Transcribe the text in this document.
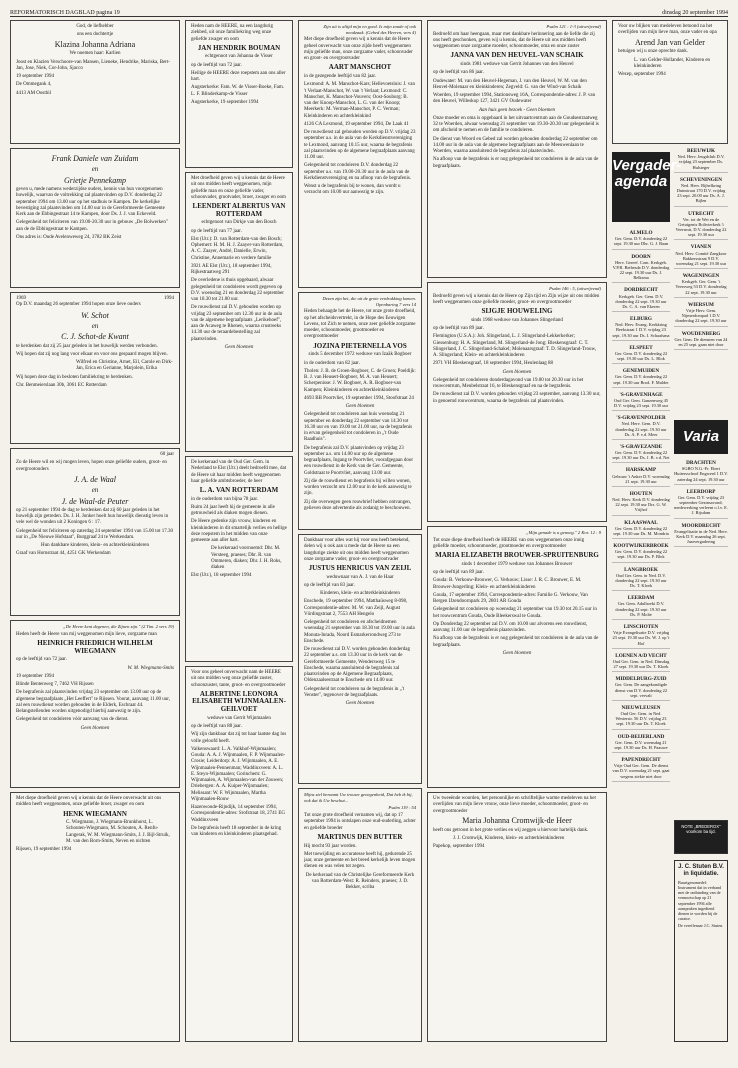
REFORMATORISCH DAGBLAD pagina 19	dinsdag 20 september 1994

God, de liefhebber

ons een dochtertje

Klazina Johanna Adriana

We noemen haar: Karlien

Joost en Klazien Verschoore-van Mansen, Lieneke, Hendrike, Mariska, Bert-Jan, Jose, Niek, Cor-John, Sjacco

19 september 1994

De Ommegank 4,

4413 AM Oosthil

Frank Daniele van Zuidam
en
Grietje Pennekamp

geven u, mede namens wederzijdse ouders, kennis van hun voorgenomen huwelijk, waarvan de voltrekking zal plaatsvinden op D.V. donderdag 22 september 1994 om 13.00 uur op het stadhuis te Kampen. De kerkelijke bevestiging zal plaatsvinden om 14.00 uur in de Gereformeerde Gemeente Kerk aan de Ebbingestraat 14 te Kampen, door Ds. J. J. van Eckeveld.

Gelegenheid tot feliciteren van 19.00-20.30 uur in gebouw „De Bolwerken" aan de de Ebbingestraat te Kampen.

Ons adres is: Oude Avelenweweg 24, 3782 BK Zeist

1969	1994

Op D.V. maandag 26 september 1994 hopen onze lieve ouders

W. Schot
en
C. J. Schot-de Kwant

te herdenken dat zij 25 jaar geleden in het huwelijk werden verbonden.

Wij hopen dat zij nog lang voor elkaar en voor ons gespaard mogen blijven.

Wilfred en Christine, Arnet, Eil, Carole en Dirk-Jan, Erica en Gerianne, Marjolein, Erika

Wij hopen deze dag in besloten familiekring te herdenken.

Chr. Benmeierslaan 30b, 3061 EC Rotterdam

60 jaar

Zo de Heere wil en wij mogen leven, hopen onze geliefde ouders, groot- en overgrootouders

J. A. de Waal
en
J. de Waal-de Peuter

op 21 september 1994 de dag te herdenken dat zij 60 jaar geleden in het huwelijk zijn getreden. Ds. J. H. Jonker hoelt hun huwelijk dienstig leven in vele wel de wonden uit 2 Koningen 6 : 17.

Gelegenheid tot feliciteren op zaterdag 24 september 1994 van 15.00 tot 17.30 uur in „De Nieuwe Hofstaat", Burggraaf 24 te Werkendam.

Hun dankbare kinderen, klein- en achterkleinkinderen

Graaf van Hornstraat 44, 4251 GK Werkendam

„De Heere kent degenen, die Zijnen zijn." (2 Tim. 2 vers 19)

Heden heeft de Heere van mij weggenomen mijn lieve, zorgzame man

HEINRICH FRIEDRICH WILHELM WIEGMANN

op de leeftijd van 72 jaar.

W. M. Wiegmann-Smits

19 september 1994

Blinde Bentenweg 7, 7462 VH Rijssen

De begrafenis zal plaatsvinden vrijdag 23 september om 13.00 uur op de algemene begraafplaats „Het Leeffert" te Rijssen. Voorat, aanvang 11.00 uur, zal een rouwdienst worden gehouden in de Elderk, Eschraat 44. Belangstellenden worden uitgenodigd hierbij aanwezig te zijn.

Gelegenheid tot condoleren vóór aanvang van de dienst.

Geen bloemen

Met diepe droefheid geven wij u kennis dat de Heere onverwacht uit ons midden heeft weggenomen, onze geliefde broer, zwager en oom

HENK WIEGMANN

C. Wiegmann, J. Wiegmann-Brunkhorst, L. Schouten-Wiegmann, M. Schouten, A. Renfu-Langerak, W. M. Wiegmann-Smits, J. J. Bijl-Struik, M. van den Born-Smits, Neven en nichten

Rijssen, 19 september 1994

Heden nam de HEERE, na een langdurig ziekbed, uit onze familiekring weg onze geliefde zwager en oom

JAN HENDRIK BOUMAN

echtgenoot van Johanna de Visser

op de leeftijd van 72 jaar.

Heilige de HEERE deze roepstem aan ons aller hart.

Augsterkerke: Fam. W. de Visser-Boeke, Fam. L. F. Blinderkamp-de Visser

Augsterkerke, 19 september 1994

Met droefheid geven wij u kennis dat de Heere uit ons midden heeft weggenomen, mijn geliefde man en onze geliefde vader, schoonvader, grootvader, broer, zwager en oom

LEENDERT ALBERTUS VAN ROTTERDAM

echtgenoot van Dirkje van den Bosch

op de leeftijd van 77 jaar.

Elst (Utr.): D. van Rotterdam-van den Bosch; Ophemert: H. M. H. J. Zaayer-van Rotterdam, A. C. Zaayer, André, Danielle, Erwin, Christine, Annemarie en verdere familie

3921 AE Elst (Utr.), 18 september 1994, Rijkestraatweg 291

De overledene is thuis opgebaard, alwaar gelegenheid tot condoleren wordt gegeven op D.V. woensdag 21 en donderdag 22 september van 18.30 tot 21.00 uur.

De rouwdienst zal D.V. gehouden worden op vrijdag 23 september om 12.30 uur in de aula van de algemene begraafplaats „Lerikehoef", aan de Acaweg te Rhenen, waarna crustreeks 14.30 uur de teraardebestelling zal plaatsvinden.

Geen bloemen

De kerkeraad van de Oud Ger. Gem. in Nederland te Elst (Utr.) deelt bedroefd mee, dat de Heere uit haar midden heeft weggenomen haar geliefde ambtsbroeder, de heer

L. A. VAN ROTTERDAM

in de ouderdom van bijna 78 jaar.

Ruim 24 jaar heeft hij de gemeente in alle getrouwheid als diaken mogen dienen.

De Heere gedenke zijn vrouw, kinderen en kleinkinderen in dit smartelijk verlies en hellige deze roepstem in het midden van onze gemeente aan aller hart.

De kerkeraad voornoemd: Dhr. M. Versteeg, praeses; Dhr. R. van Ommeren, diaken; Dhr. J. H. Roks, diaken

Elst (Utr.), 18 september 1994

Voor ons geheel onverwacht nam de HEERE uit ons midden weg onze geliefde zuster, schoonzuster, tante, groot- en overgrootmoeder

ALBERTINE LEONORA ELISABETH WIJNMAALEN-GEILVOET

weduwe van Gerrit Wijnmaalen

op de leeftijd van 88 jaar.

Wij zijn dankbaar dat zij tot haar laatste dag los volle geloofd heeft.

Valkenswaard: L. A. Valkhof-Wijnmaalen; Gouda: A. A. J. Wijnmaalen, F. P. Wijnmaalen-Crosie; Leiderdorp: A. J. Wijnmaalen, A. E. Wijnmaalen-Pennenman; Waddinxveen: A. L. E. Steyn-Wijnmaalen; Gorinchem: G. Wijnmaalen, A. Wijnmaalen-van der Zouwen; Driebergen: A. A. Kuiper-Wijnmaalen; Melissant: W. F. Wijnmaalen, Martha Wijnmaalen-Rouw

Hazenwoude-Rijndijk, 14 september 1994, Correspondentie-adres: Srofstraat 18, 2741 EG Waddinxveen

De begrafenis heeft 18 september in de kring van kinderen en kleinkinderen plaatsgehad.

Zijn uit is altijd mijn en goed. Is mijn zonde of ook noodzaak. (Gebed des Heeren, vers 4)

Met diepe droefheid geven wij u kennis dat de Heere geheel onverwacht van onze zijde heeft weggenomen mijn geliefde man, onze zorgzame vader, schoonvader en groot- en overgrootvader

AART MANSCHOT

in de gezegende leeftijd van 82 jaar.

Lexmond: A. M. Manschot-Kars; Hellevoetsluis: J. van 't Verlaat-Manschot, W. van 't Verlaat; Lexmond: C. Manschot, K. Manschot-Vouvers; Oost-Souburg: B. van der Knoop-Manschot, L. G. van der Knoop; Meerkerk: M. Verman-Manschot, P. C. Verman; Kleinkinderen en achterkleinkind

4126 CA Lexmond, 19 september 1994, De Laak 41

De rouwdienst zal gehouden worden op D.V. vrijdag 23 september a.s. in de aula van de Kerkdienstvereniging te Lexmond, aanvang 10.15 uur, waarna de begrafenis zal plaatsvinden op de algemene begraafplaats aanvang 11.00 uur.

Gelegenheid tot condoleren D.V. donderdag 22 september a.s. van 19.00-20.30 uur in de aula van de Kerkdienstvereniging en na afloop van de begrafenis.

Wenst u de begrafenis bij te wonen, dan wordt u verzocht om 10.00 uur aanwezig te zijn.

Dezen zijn het, die uit de grote verdrukking komen. Openbaring 7 vers 14

Heden behaagde het de Heere, tot onze grote droefheid, op het afscheidsvertrekt, in de Hope des Eeuwigen Levens, tot Zich te nemen, onze zeer geliefde zorgzame moeder, schoonmoeder, grootmoeder en overgrootmoeder

JOZINA PIETERNELLA VOS

sinds 5 december 1972 weduwe van Izaäk Bogboer

in de ouderdom van 82 jaar.

Tholen: J. B. de Groen-Bogboer, C. de Groen; Poeldijk: B. J. van Heusert-Bogboer, M. A. van Heusert; Scherpenisse: J. W. Bogboer, A. R. Bogboer-van Kampen; Kleinkinderen en achterkleinkinderen

4693 BB Poortvliet, 19 september 1994, Stoofstraat 24

Geen bloemen

Gelegenheid tot condoleren aan huis woensdag 21 september en donderdag 22 september van 14.30 tot 16.30 uur en van 19.00 tot 21.00 uur, na de begrafenis in ervan gelegenheid tot condoleren in „'t Oude Raadhuis".

De begrafenis zal D.V. plaatsvinden op vrijdag 23 september a.s. om 14.00 uur op de algemene begraafplaats, Ingang te Poortvliet, voorafgegaan door een rouwdienst in de Kerk van de Ger. Gemeente, Goldstraat te Poortvliet, aanvang 13.00 uur.

Zij die de rouwdienst en begrafenis bij willen wonen, worden verzocht om 12.00 uur in de kerk aanwezig te zijn.

Zij die overwegen geen rouwbrief hebben ontvangen, gelieven deze advertentie als zodanig te beschouwen.

Dankbaar voor alles wat hij voor ons heeft betekend, delen wij u ook aan u mede dat de Heere na een langdurige ziekte uit ons midden heeft weggenomen onze zorgzame vader, groot- en overgrootvader

JUSTUS HENRICUS VAN ZEIJL

weduwnaar van A. J. van de Haar

op de leeftijd van 83 jaar.

Kinderen, klein- en achterkleinkinderen

Enschede, 19 september 1994, Matthaüsweg 8-098, Correspondentie-adres: M. W. van Zeijl, August Vördingstraat 2, 7553 AH Hengelo

Gelegenheid tot condoleren en afscheidnemen woensdag 21 september van 18.30 tot 19.00 uur in aula Monuta-Inrada, Noord Esmarkerrondweg 273 te Enschede.

De rouwdienst zal D.V. worden gehouden donderdag 22 september a.s. om 13.30 uur in de kerk van de Gereformeerde Gemeente, Wendersweg 15 te Enschede, waarna aansluitend de begrafenis zal plaatsvinden op de Algemene Begraafplaats, Oldenzaalsestraat te Enschede om 14.00 uur.

Gelegenheid tot condoleren na de begrafenis in „'t Venster", tegenover de begraafplaats.

Geen bloemen

Mijns ziel beraamt Uw trouwe genegenheid, Dat heb ik bij, ook dat ik Uw beschut...

Psalm 119 : 54

Tot onze grote droefheid vernamen wij, dat op 17 september 1994 is ontslapen onze oud-ouderling, achter en geliefde broeder

MARTINUS DEN BUTTER

Hij mocht 93 jaar worden.

Met toewijding en accuratesse heeft hij, gedurende 25 jaar, onze gemeente en het breed kerkelijk leven mogen dienen en was velen tot zegen.

De kerkeraad van de Christelijke Gereformeerde Kerk van Rotterdam-West: R. Reinders, praeses; J. D. Bekker, scriba

Psalm 121 : 1-3 (uitwrijvend)

Bedroefd om haar heengaan, maar met dankbare herinnering aan de liefde die zij ons heeft geschonken, geven wij u kennis, dat de Heere uit ons midden heeft weggenomen onze zorgzame moeder, schoonmoeder, oma en onze zuster

JANNA VAN DEN HEUVEL-VAN SCHAIK

sinds 1981 weduwe van Gerrit Johannes van den Heuvel

op de leeftijd van 86 jaar.

Oudewater: M. van den Heuvel-Hegeman, J. van den Heuvel, W. M. van den Heuvel-Molenaar en kleinkinderen; Zegveld: G. van der Wind-van Schaik

Woerden, 19 september 1994, Stationsweg 16A, Correspondentie-adres: J. P. van den Heuvel, Willeskop 127, 3421 GV Oudewater

Aan huis geen bezoek - Geen bloemen

Onze moeder en oma is opgebaard in het uitvaartcentrum aan de Goudsestraatweg 32 te Woerden, alwaar woensdag 21 september van 19.30-20.30 uur gelegenheid is om afscheid te nemen en de familie te condoleren.

De dienst van Woord en Gebed zal worden gehouden donderdag 22 september om 14.00 uur in de aula van de algemene begraafplaats aan de Meeuwenlaan te Woerden, waarna aansluitend de begrafenis zal plaatsvinden.

Na afloop van de begrafenis is er nog gelegenheid tot condoleren in de aula van de begraafplaats.

Psalm 146 : 5, (uitwrijvend)

Bedroefd geven wij u kennis dat de Heere op Zijn tijd en Zijn wijze uit ons midden heeft weggenomen onze geliefde moeder, groot- en overgrootmoeder

SIJGJE HOUWELING

sinds 1968 weduwe van Johannes Slingerland

op de leeftijd van 89 jaar.

Flemington (U.S.A.): Joh. Slingerland, L. J. Slingerland-Lekkerkerker; Giessenburg: H. A. Slingerland, M. Slingerland-de Jong; Bleskensgraaf: C. T. Slingerland, J. C. Slingerland-Schakel; Molenaarsgraaf: T. D. Slingerland-Trouw, A. Slingerland; Klein- en achterkleinkinderen

2971 VH Bleskensgraaf, 18 september 1994, Heulenlaag 88

Geen bloemen

Gelegenheid tot condoleren donderdagavond van 19.00 tot 20.30 uur in het rouwcentrum, Meubelstraat 16, te Bleskensgraaf en na de begrafenis.

De rouwdienst zal D.V. worden gehouden vrijdag 23 september, aanvang 13.30 uur, in genoemd rouwcentrum, waarna de begrafenis zal plaatsvinden.

„Mijn genade is u genoeg." 2 Kor. 12 : 9

Tot onze diepe droefheid heeft de HEERE van ons weggenomen onze innig geliefde moeder, schoonmoeder, grootmoeder en overgrootmoeder

MARIA ELIZABETH BROUWER-SPRUITENBURG

sinds 1 december 1979 weduwe van Johannes Brouwer

op de leeftijd van 89 jaar.

Gouda: B. Verkouw-Brouwer, G. Verkouw; Lisse: J. R. C. Brouwer, E. M. Brouwer-Jungerling; Klein- en achterkleinkinderen

Gouda, 17 september 1994, Correspondentie-adres: Familie G. Verkouw, Van Bergen IJzendoornpark 29, 2801 AR Gouda

Gelegenheid tot condoleren op woensdag 21 september van 19.30 tot 20.15 uur in het rouwcentrum Gouda, Oude Bleekerswal te Gouda.

Op Donderdag 22 september zal D.V. om 10.00 uur alvorens een rouwdienst, aanvang 11.00 uur de begrafenis plaatsvinden.

Na afloop van de begrafenis is er nog gelegenheid tot condoleren in de aula van de begraafplaats.

Geen bloemen

Uw tweeënde woorden, het persoonlijke en schriftelijke warme medeleven na het overlijden van mijn lieve vrouw, onze lieve moeder, schoonmoeder, groot- en overgrootmoeder

Maria Johanna Cromwijk-de Heer

heeft ons getroost in het grote verlies en wij zeggen u hiervoor hartelijk dank.

J. J. Cromwijk, Kinderen, klein- en achterkleinkinderen

Papekop, september 1994

Voor uw blijken van medeleven betoond na het overlijden van mijn lieve man, onze vader en opa

Arend Jan van Gelder

betuigen wij u onze oprechte dank.

L. van Gelder-Hollander, Kinderen en kleinkinderen

Wezep, september 1994

Vergader-agenda
BEEUWIJK
Ned. Herv. Jeugdclub D.V. vrijdag 23 september Ds. Hulsteger
SCHEVENINGEN
Ned. Herv. Bijbelkring Duinstraat 170 D.V. vrijdag 23 sept. 20.00 uur Ds. A. J. Bijlen
UTRECHT
Ver. tot de Wet en de Getuigenis Bolivierkerk 't Veersmit, D.V. donderdag 22 sept. 19.30 uur
VIANEN
Ned. Herv. Comité Zangkoor Bakkersstraat 9 D.V. woensdag 21 sept. 19.30 uur
WAGENINGEN
Kerkgeb. Ger. Gem. 't Veersweg 53 D.V. donderdag 22 sept. 19.30 uur
WIERSUM
Vrije Herv. Gem. Nijmerdcmpad 1 D.V. donderdag 22 sept. 19.30 uur
WOUDENBERG
Ger. Gem. De diensten van 24 en 25 sept. gaan niet door
ALMELO
Ger. Gem. D.V. donderdag 22 sept. 19.30 uur Dhr. G. J. Baan
DOORN
Herv. Gereef. Com. Kerkgeb. V.P.R. Bethesda D.V. donderdag 22 sept. 19.30 uur Ds. J. Belksma
DORDRECHT
Kerkgeb. Ger. Gem. D.V. donderdag 22 sept. 19.30 uur Ds. C. A. van Ekeren
ELBURG
Ned. Herv. Evang. Kerkkring Beekstraat 1 D.V. vrijdag 23 sept. 19.30 uur Ds. I. Schaafsma
ELSPEET
Ger. Gem. D.V. donderdag 22 sept. 19.30 uur Ds. L. Blok
GENEMUIDEN
Ger. Gem. D.V. donderdag 22 sept. 19.30 uur Brod. F. Mulder
'S-GRAVENHAGE
Oud Ger. Gem. Ganzenweg 45 D.V. vrijdag 23 sept. 19.30 uur
'S-GRAVENPOLDER
Ned. Herv. Gem. D.V. donderdag 22 sept. 19.30 uur Ds. A. P. v.d. Meer
'S-GRAVEZANDE
Ger. Gem. D.V. donderdag 22 sept. 19.30 uur Ds. J. B. v.d. Net
HARSKAMP
Gebouw 't Anker D.V. woensdag 21 sept. 19.30 uur
HOUTEN
Ned. Herv. Kerk D.V. donderdag 22 sept. 19.30 uur Drs. G. W. Vrijhof
KLAASWAAL
Ger. Gem. D.V. donderdag 22 sept. 19.30 uur Ds. M. Mondria
KOOTWIJKERBROEK
Ger. Gem. D.V. donderdag 22 sept. 19.30 uur Ds. F. Blok
LANGBROEK
Oud Ger. Gem. in Ned. D.V. donderdag 22 sept. 19.30 uur Ds. T. Kloek
LEERDAM
Ger. Gem. Adulhoeki D.V. donderdag 22 sept. 19.30 uur Ds. P. Molte
LINSCHOTEN
Vrije Evangelisatie D.V. vrijdag 23 sept. 19.30 uur Ds. W. J. op 't Hof
LOENEN A/D VECHT
Oud Ger. Gem. in Ned. Dinsdag 27 sept. 19.30 uur Ds. T. Kloek
MIDDELBURG-ZUID
Ger. Gem. De aangekondigde dienst van D.V. donderdag 22 sept. vervalt
NIEUWLEUSEN
Oud Ger. Gem. in Ned. Westerstr. 56 D.V. vrijdag 23 sept. 19.30 uur Ds. T. Kloek
OUD-BEIJERLAND
Ger. Gem. D.V. woensdag 21 sept. 19.30 uur Ds. H. Paauwe
PAPENDRECHT
Vrije Oud Ger. Gem. De dienst van D.V. woensdag 21 sept. gaat wegens ziekte niet door
Varia
DRACHTEN
SGBO N.G.-Fr. Ebert Huitersschool Engwerd 1 D.V. zaterdag 24 sept. 19.30 uur
LEERDORP
Ger. Gem. D.V. vrijdag 23 september Gezinsavond; medewerking verleent o.l.v. E. J. Rijsdam
MOORDRECHT
Evangelisatie in de Ned. Herv. Kerk D.V. maandag 26 sept. Jaarvergadering
NOTE „BREDEROX" voorkom ba tijd.
J. C. Stuten B.V. in liquidatie.

Buurtgenomedel: Instrument dat in verband met de ontbinding van de vennootschap op 21 september 1994 alle aanspraken ingediend dienen te worden bij de curator.

De vereffenaar J.C. Stuten.
